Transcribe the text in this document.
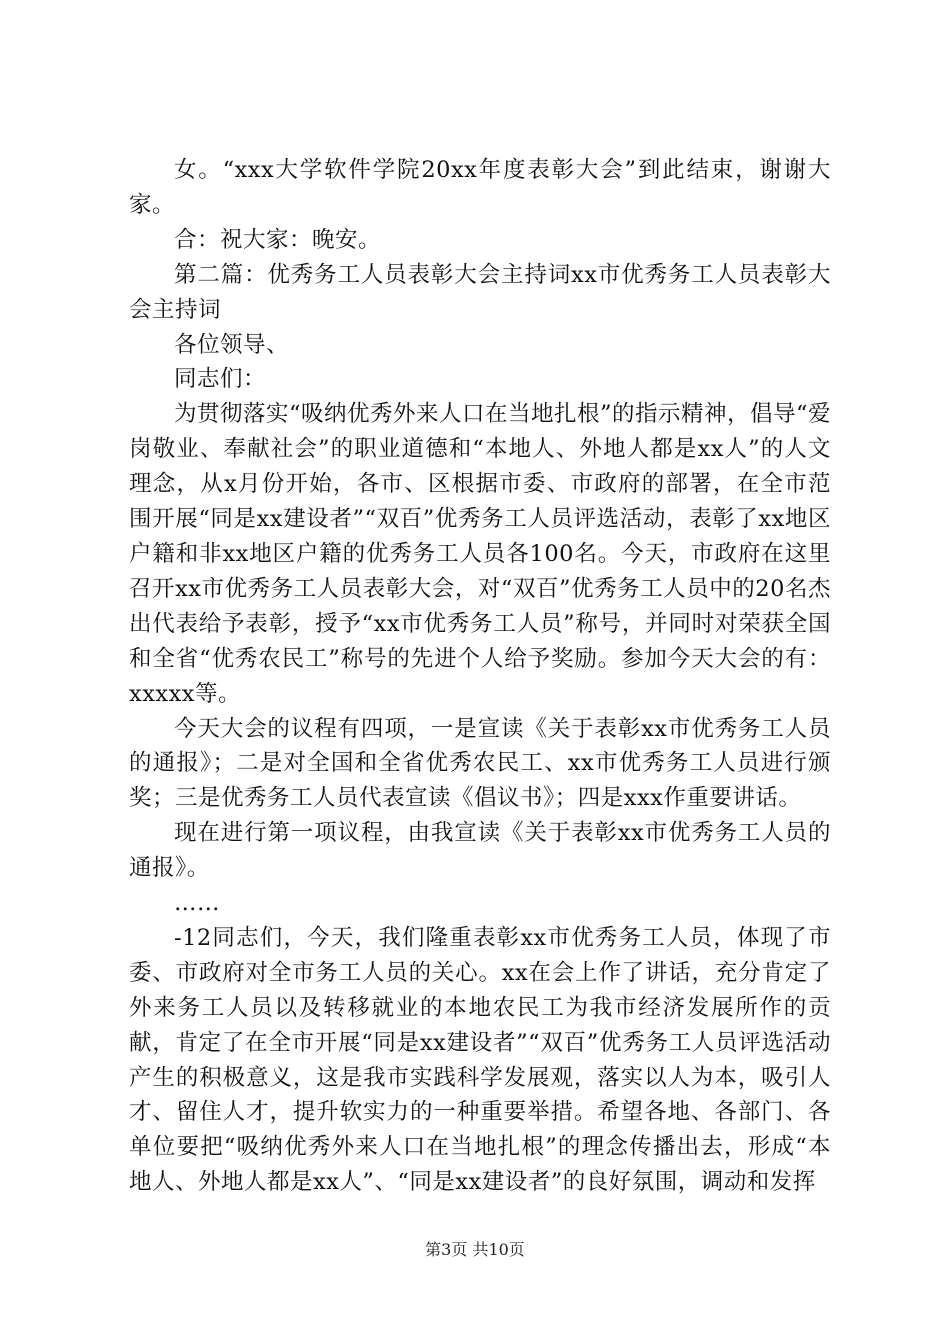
女。“xxx大学软件学院20xx年度表彰大会”到此结束，谢谢大家。

合：祝大家：晚安。

第二篇：优秀务工人员表彰大会主持词xx市优秀务工人员表彰大会主持词

各位领导、

同志们：

为贯彻落实“吸纳优秀外来人口在当地扎根”的指示精神，倡导“爱岗敬业、奉献社会”的职业道德和“本地人、外地人都是xx人”的人文理念，从x月份开始，各市、区根据市委、市政府的部署，在全市范围开展“同是xx建设者”“双百”优秀务工人员评选活动，表彰了xx地区户籍和非xx地区户籍的优秀务工人员各100名。今天，市政府在这里召开xx市优秀务工人员表彰大会，对“双百”优秀务工人员中的20名杰出代表给予表彰，授予“xx市优秀务工人员”称号，并同时对荣获全国和全省“优秀农民工”称号的先进个人给予奖励。参加今天大会的有：xxxxx等。

今天大会的议程有四项，一是宣读《关于表彰xx市优秀务工人员的通报》；二是对全国和全省优秀农民工、xx市优秀务工人员进行颁奖；三是优秀务工人员代表宣读《倡议书》；四是xxx作重要讲话。

现在进行第一项议程，由我宣读《关于表彰xx市优秀务工人员的通报》。

……

-12同志们，今天，我们隆重表彰xx市优秀务工人员，体现了市委、市政府对全市务工人员的关心。xx在会上作了讲话，充分肯定了外来务工人员以及转移就业的本地农民工为我市经济发展所作的贡献，肯定了在全市开展“同是xx建设者”“双百”优秀务工人员评选活动产生的积极意义，这是我市实践科学发展观，落实以人为本，吸引人才、留住人才，提升软实力的一种重要举措。希望各地、各部门、各单位要把“吸纳优秀外来人口在当地扎根”的理念传播出去，形成“本地人、外地人都是xx人”、“同是xx建设者”的良好氛围，调动和发挥

第3页 共10页
